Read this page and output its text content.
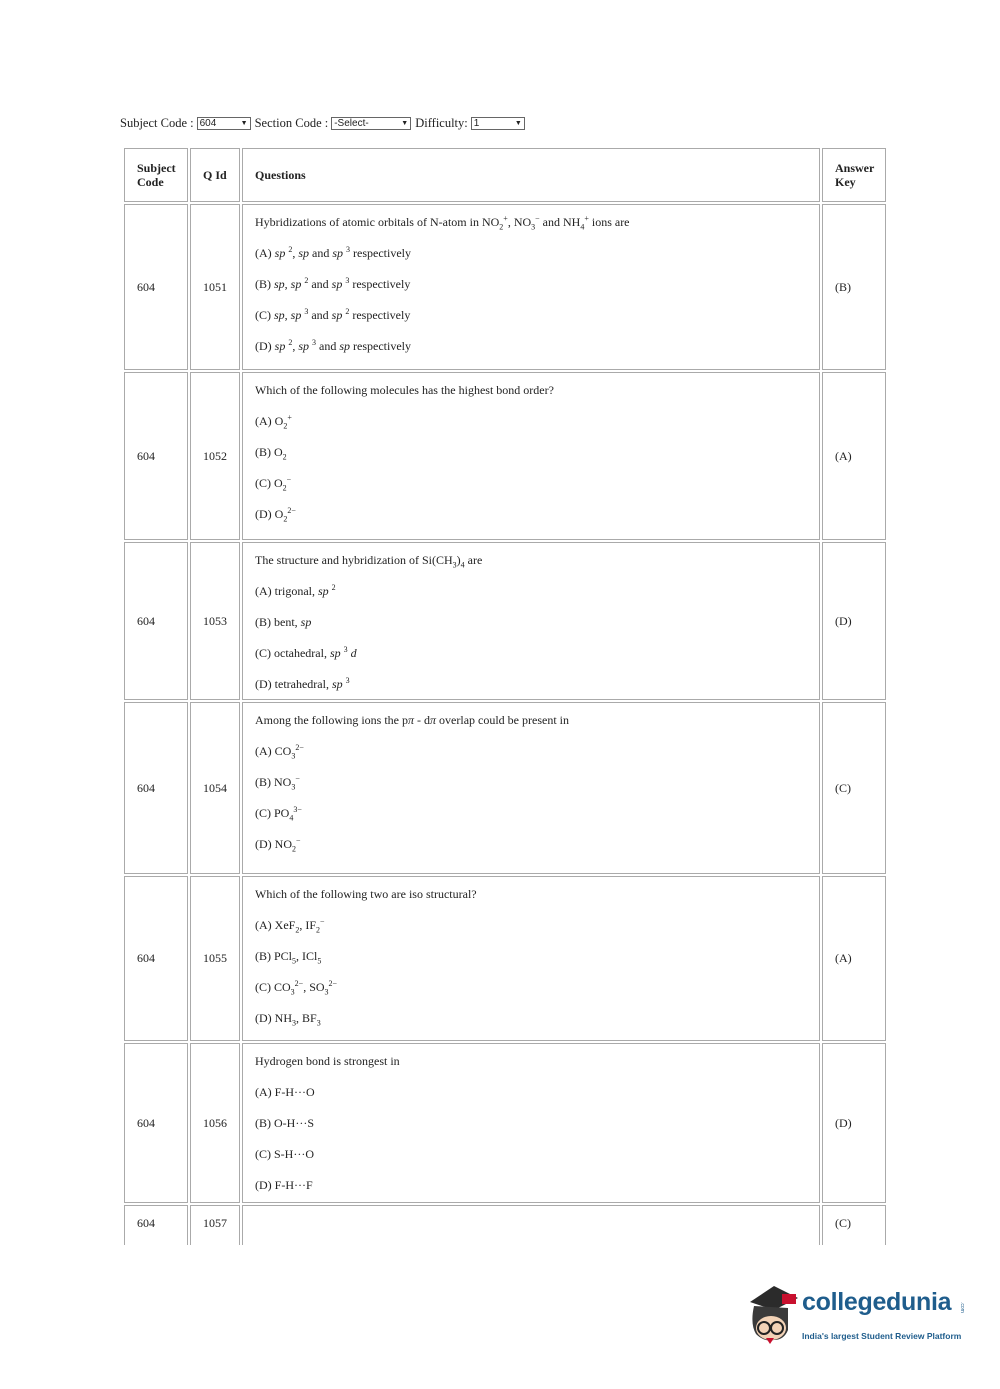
Subject Code : 604	▼ Section Code : -Select-	▼ Difficulty: 1	▼
Subject
Code	Q Id	Questions	Answer
Key
604	1051	Hybridizations of atomic orbitals of N-atom in $NO_2^+$, $NO_3^-$ and $NH_4^+$ ions are
(A) sp $^2$, sp and sp $^3$ respectively
(B) sp, sp $^2$ and sp $^3$ respectively
(C) sp, sp $^3$ and sp $^2$ respectively
(D) sp $^2$, sp $^3$ and sp respectively	(B)
604	1052	Which of the following molecules has the highest bond order?
(A) $O_2^+$
(B) $O_2$
(C) $O_2^-$
(D) $O_2^{2-}$	(A)
604	1053	The structure and hybridization of $Si(CH_3)_4$ are
(A) trigonal, sp $^2$
(B) bent, sp
(C) octahedral, sp $^3$ d
(D) tetrahedral, sp $^3$	(D)
604	1054	Among the following ions the pπ - dπ overlap could be present in
(A) $CO_3^{2-}$
(B) $NO_3^-$
(C) $PO_4^{3-}$
(D) $NO_2^-$	(C)
604	1055	Which of the following two are iso structural?
(A) XeF$_2$, $IF_2^-$
(B) PCl$_5$, ICl$_5$
(C) $CO_3^{2-}$, $SO_3^{2-}$
(D) $NH_3$, $BF_3$	(A)
604	1056	Hydrogen bond is strongest in
(A) F-H···O
(B) O-H···S
(C) S-H···O
(D) F-H···F	(D)
604	1057		(C)
collegedunia .com
India's largest Student Review Platform
